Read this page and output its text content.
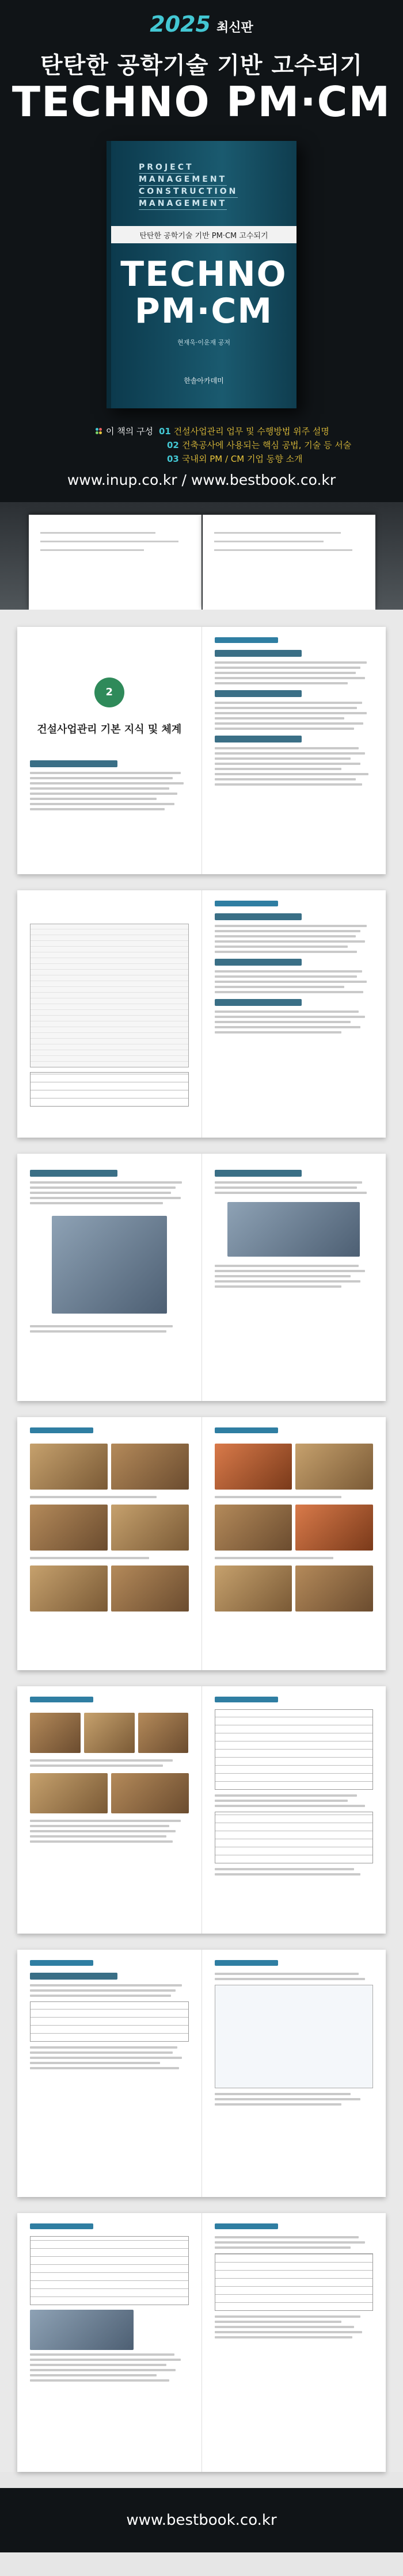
2025 최신판
탄탄한 공학기술 기반 고수되기
TECHNO PM·CM
PROJECT
MANAGEMENT
CONSTRUCTION
MANAGEMENT
탄탄한 공학기술 기반 PM·CM 고수되기
TECHNO PM·CM
현재욱·이운재 공저
한솔아카데미
이 책의 구성 01 건설사업관리 업무 및 수행방법 위주 설명
02 건축공사에 사용되는 핵심 공법, 기술 등 서술
03 국내외 PM / CM 기업 동향 소개
www.inup.co.kr / www.bestbook.co.kr
2
건설사업관리 기본 지식 및 체계
www.bestbook.co.kr
